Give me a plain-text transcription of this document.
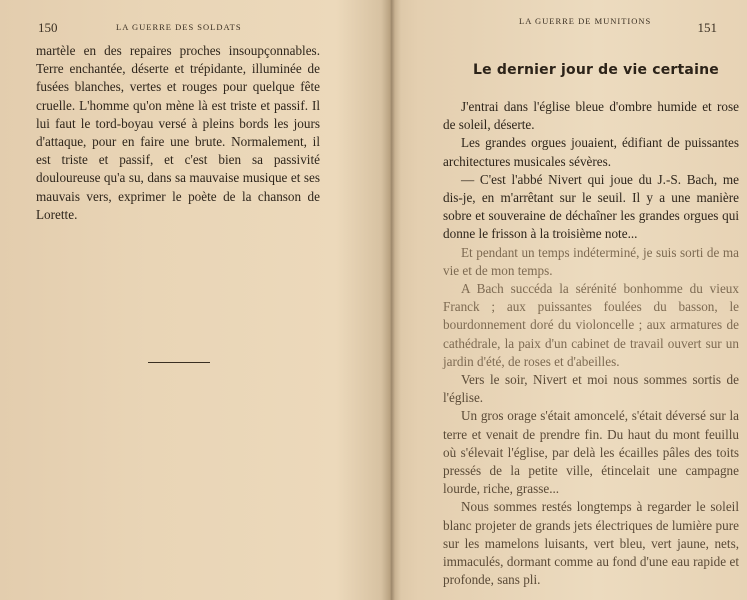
150	LA GUERRE DES SOLDATS

martèle en des repaires proches insoupçonnables. Terre enchantée, déserte et trépidante, illuminée de fusées blanches, vertes et rouges pour quelque fête cruelle. L'homme qu'on mène là est triste et passif. Il lui faut le tord-boyau versé à pleins bords les jours d'attaque, pour en faire une brute. Normalement, il est triste et passif, et c'est bien sa passivité douloureuse qu'a su, dans sa mauvaise musique et ses mauvais vers, exprimer le poète de la chanson de Lorette.

LA GUERRE DE MUNITIONS	151
Le dernier jour de vie certaine

J'entrai dans l'église bleue d'ombre humide et rose de soleil, déserte.

Les grandes orgues jouaient, édifiant de puissantes architectures musicales sévères.

— C'est l'abbé Nivert qui joue du J.-S. Bach, me dis-je, en m'arrêtant sur le seuil. Il y a une manière sobre et souveraine de déchaîner les grandes orgues qui donne le frisson à la troisième note...

Et pendant un temps indéterminé, je suis sorti de ma vie et de mon temps.

A Bach succéda la sérénité bonhomme du vieux Franck ; aux puissantes foulées du basson, le bourdonnement doré du violoncelle ; aux armatures de cathédrale, la paix d'un cabinet de travail ouvert sur un jardin d'été, de roses et d'abeilles.

Vers le soir, Nivert et moi nous sommes sortis de l'église.

Un gros orage s'était amoncelé, s'était déversé sur la terre et venait de prendre fin. Du haut du mont feuillu où s'élevait l'église, par delà les écailles pâles des toits pressés de la petite ville, étincelait une campagne lourde, riche, grasse...

Nous sommes restés longtemps à regarder le soleil blanc projeter de grands jets électriques de lumière pure sur les mamelons luisants, vert bleu, vert jaune, nets, immaculés, dormant comme au fond d'une eau rapide et profonde, sans pli.
